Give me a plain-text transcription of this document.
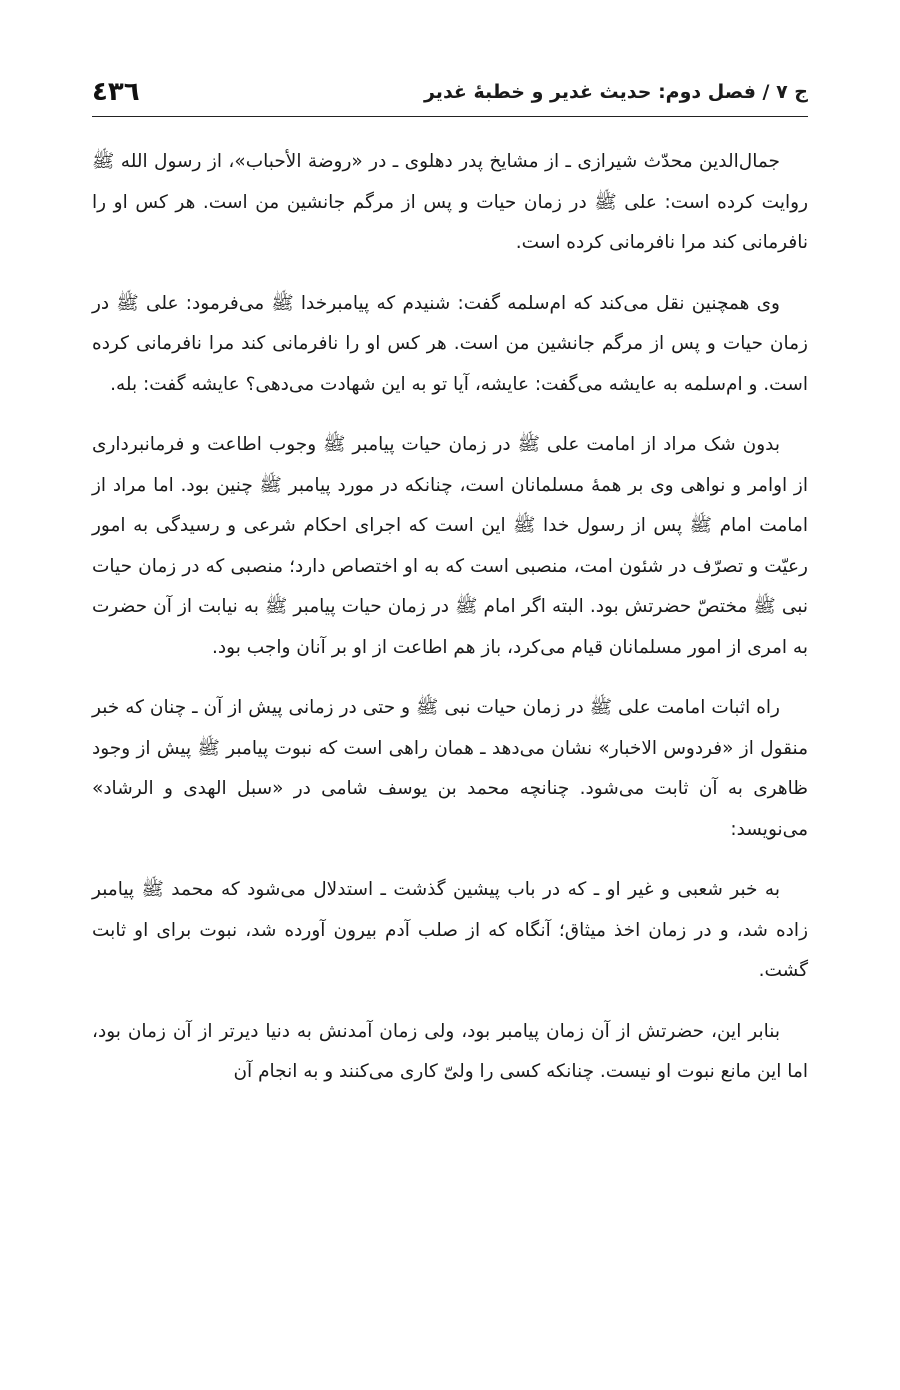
ج ۷ / فصل دوم: حدیث غدیر و خطبهٔ غدیر
٤٣٦

جمال‌الدین محدّث شیرازی ـ از مشایخ پدر دهلوی ـ در «روضة الأحباب»، از رسول الله ﷺ روایت کرده است: علی ﷺ در زمان حیات و پس از مرگم جانشین من است. هر کس او را نافرمانی کند مرا نافرمانی کرده است.

وی همچنین نقل می‌کند که ام‌سلمه گفت: شنیدم که پیامبرخدا ﷺ می‌فرمود: علی ﷺ در زمان حیات و پس از مرگم جانشین من است. هر کس او را نافرمانی کند مرا نافرمانی کرده است. و ام‌سلمه به عایشه می‌گفت: عایشه، آیا تو به این شهادت می‌دهی؟ عایشه گفت: بله.

بدون شک مراد از امامت علی ﷺ در زمان حیات پیامبر ﷺ وجوب اطاعت و فرمانبرداری از اوامر و نواهی وی بر همهٔ مسلمانان است، چنانکه در مورد پیامبر ﷺ چنین بود. اما مراد از امامت امام ﷺ پس از رسول خدا ﷺ این است که اجرای احکام شرعی و رسیدگی به امور رعیّت و تصرّف در شئون امت، منصبی است که به او اختصاص دارد؛ منصبی که در زمان حیات نبی ﷺ مختصّ حضرتش بود. البته اگر امام ﷺ در زمان حیات پیامبر ﷺ به نیابت از آن حضرت به امری از امور مسلمانان قیام می‌کرد، باز هم اطاعت از او بر آنان واجب بود.

راه اثبات امامت علی ﷺ در زمان حیات نبی ﷺ و حتی در زمانی پیش از آن ـ چنان که خبر منقول از «فردوس الاخبار» نشان می‌دهد ـ همان راهی است که نبوت پیامبر ﷺ پیش از وجود ظاهری به آن ثابت می‌شود. چنانچه محمد بن یوسف شامی در «سبل الهدی و الرشاد» می‌نویسد:

به خبر شعبی و غیر او ـ که در باب پیشین گذشت ـ استدلال می‌شود که محمد ﷺ پیامبر زاده شد، و در زمان اخذ میثاق؛ آنگاه که از صلب آدم بیرون آورده شد، نبوت برای او ثابت گشت.

بنابر این، حضرتش از آن زمان پیامبر بود، ولی زمان آمدنش به دنیا دیرتر از آن زمان بود، اما این مانع نبوت او نیست. چنانکه کسی را ولیّ کاری می‌کنند و به انجام آن
